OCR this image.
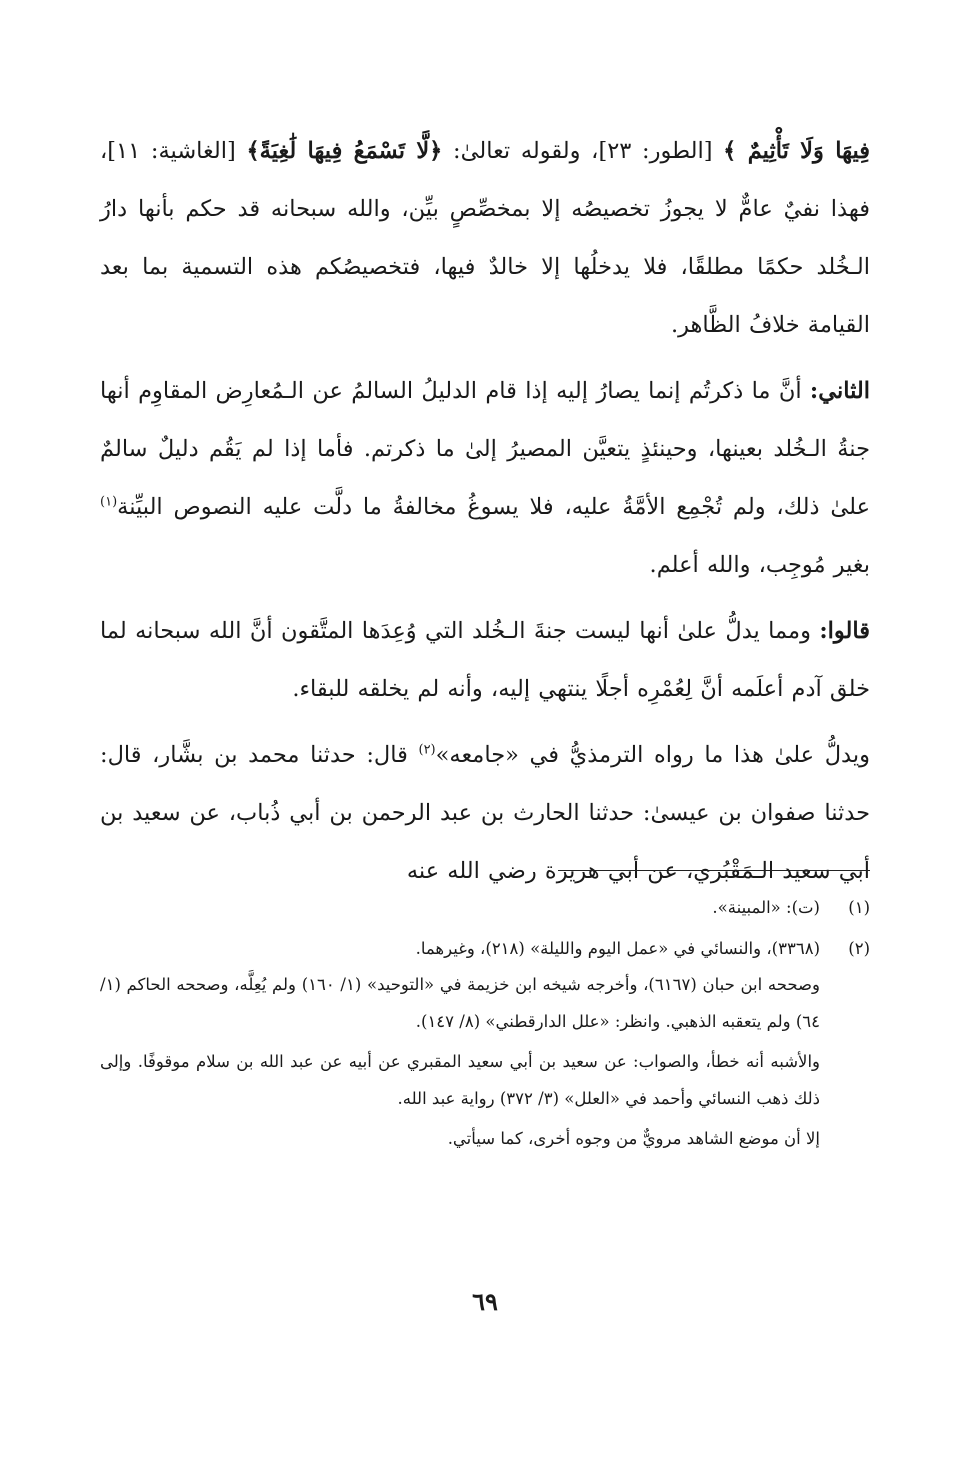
فِيهَا وَلَا تَأْثِيمٌ ﴾ [الطور: ٢٣]، ولقوله تعالىٰ: ﴿لَّا تَسْمَعُ فِيهَا لَٰغِيَةً﴾ [الغاشية: ١١]، فهذا نفيٌ عامٌّ لا يجوزُ تخصيصُه إلا بمخصِّصٍ بيِّن، والله سبحانه قد حكم بأنها دارُ الـخُلد حكمًا مطلقًا، فلا يدخلُها إلا خالدٌ فيها، فتخصيصُكم هذه التسمية بما بعد القيامة خلافُ الظَّاهر.

الثاني: أنَّ ما ذكرتُم إنما يصارُ إليه إذا قام الدليلُ السالمُ عن الـمُعارِض المقاوِم أنها جنةُ الـخُلد بعينها، وحينئذٍ يتعيَّن المصيرُ إلىٰ ما ذكرتم. فأما إذا لم يَقُم دليلٌ سالمٌ علىٰ ذلك، ولم تُجْمِع الأمَّةُ عليه، فلا يسوغُ مخالفةُ ما دلَّت عليه النصوص البيِّنة$^{(١)}$ بغير مُوجِب، والله أعلم.

قالوا: ومما يدلُّ علىٰ أنها ليست جنةَ الـخُلد التي وُعِدَها المتَّقون أنَّ الله سبحانه لما خلق آدم أعلَمه أنَّ لِعُمْرِه أجلًا ينتهي إليه، وأنه لم يخلقه للبقاء.

ويدلُّ علىٰ هذا ما رواه الترمذيُّ في «جامعه»$^{(٢)}$ قال: حدثنا محمد بن بشَّار، قال: حدثنا صفوان بن عيسىٰ: حدثنا الحارث بن عبد الرحمن بن أبي ذُباب، عن سعيد بن أبي سعيد الـمَقْبُري، عن أبي هريرة رضي الله عنه

(١)
(ت): «المبينة».
(٢)
(٣٣٦٨)، والنسائي في «عمل اليوم والليلة» (٢١٨)، وغيرهما.
وصححه ابن حبان (٦١٦٧)، وأخرجه شيخه ابن خزيمة في «التوحيد» (١/ ١٦٠) ولم يُعِلَّه، وصححه الحاكم (١/ ٦٤) ولم يتعقبه الذهبي. وانظر: «علل الدارقطني» (٨/ ١٤٧).
والأشبه أنه خطأ، والصواب: عن سعيد بن أبي سعيد المقبري عن أبيه عن عبد الله بن سلام موقوفًا. وإلى ذلك ذهب النسائي وأحمد في «العلل» (٣/ ٣٧٢) رواية عبد الله.
إلا أن موضع الشاهد مرويٌّ من وجوه أخرى، كما سيأتي.
٦٩
